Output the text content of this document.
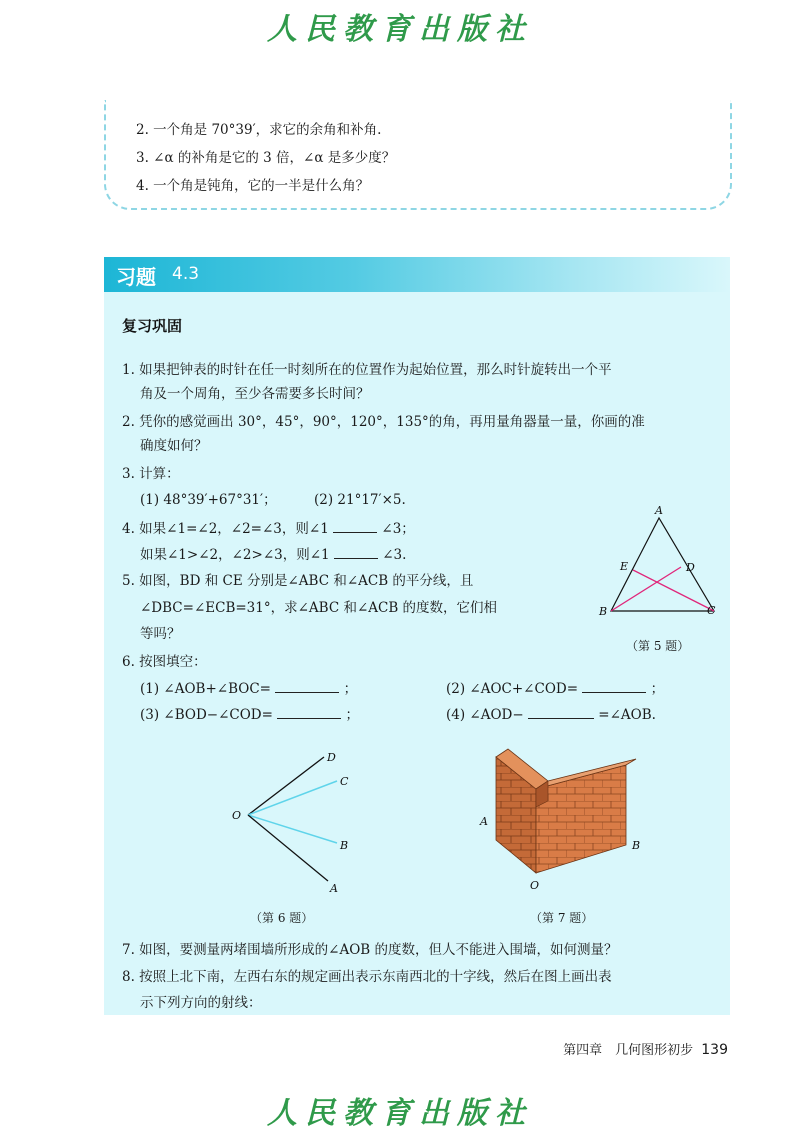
人民教育出版社
2. 一个角是 70°39′，求它的余角和补角.
3. ∠α 的补角是它的 3 倍，∠α 是多少度？
4. 一个角是钝角，它的一半是什么角？
习题 4.3
复习巩固
1. 如果把钟表的时针在任一时刻所在的位置作为起始位置，那么时针旋转出一个平
角及一个周角，至少各需要多长时间？
2. 凭你的感觉画出 30°，45°，90°，120°，135°的角，再用量角器量一量，你画的准
确度如何？
3. 计算：
(1) 48°39′+67°31′；	(2) 21°17′×5.
4. 如果∠1=∠2，∠2=∠3，则∠1	∠3；
如果∠1>∠2，∠2>∠3，则∠1	∠3.
5. 如图，BD 和 CE 分别是∠ABC 和∠ACB 的平分线，且
∠DBC=∠ECB=31°，求∠ABC 和∠ACB 的度数，它们相
等吗？
A
B	C
D
E
（第 5 题）
6. 按图填空：
(1) ∠AOB+∠BOC=	；	(2) ∠AOC+∠COD=	；
(3) ∠BOD−∠COD=	；	(4) ∠AOD−	=∠AOB.
O
D
C
B
A
（第 6 题）
A
B
O
（第 7 题）
7. 如图，要测量两堵围墙所形成的∠AOB 的度数，但人不能进入围墙，如何测量？
8. 按照上北下南，左西右东的规定画出表示东南西北的十字线，然后在图上画出表
示下列方向的射线：
第四章　几何图形初步 139
人民教育出版社
